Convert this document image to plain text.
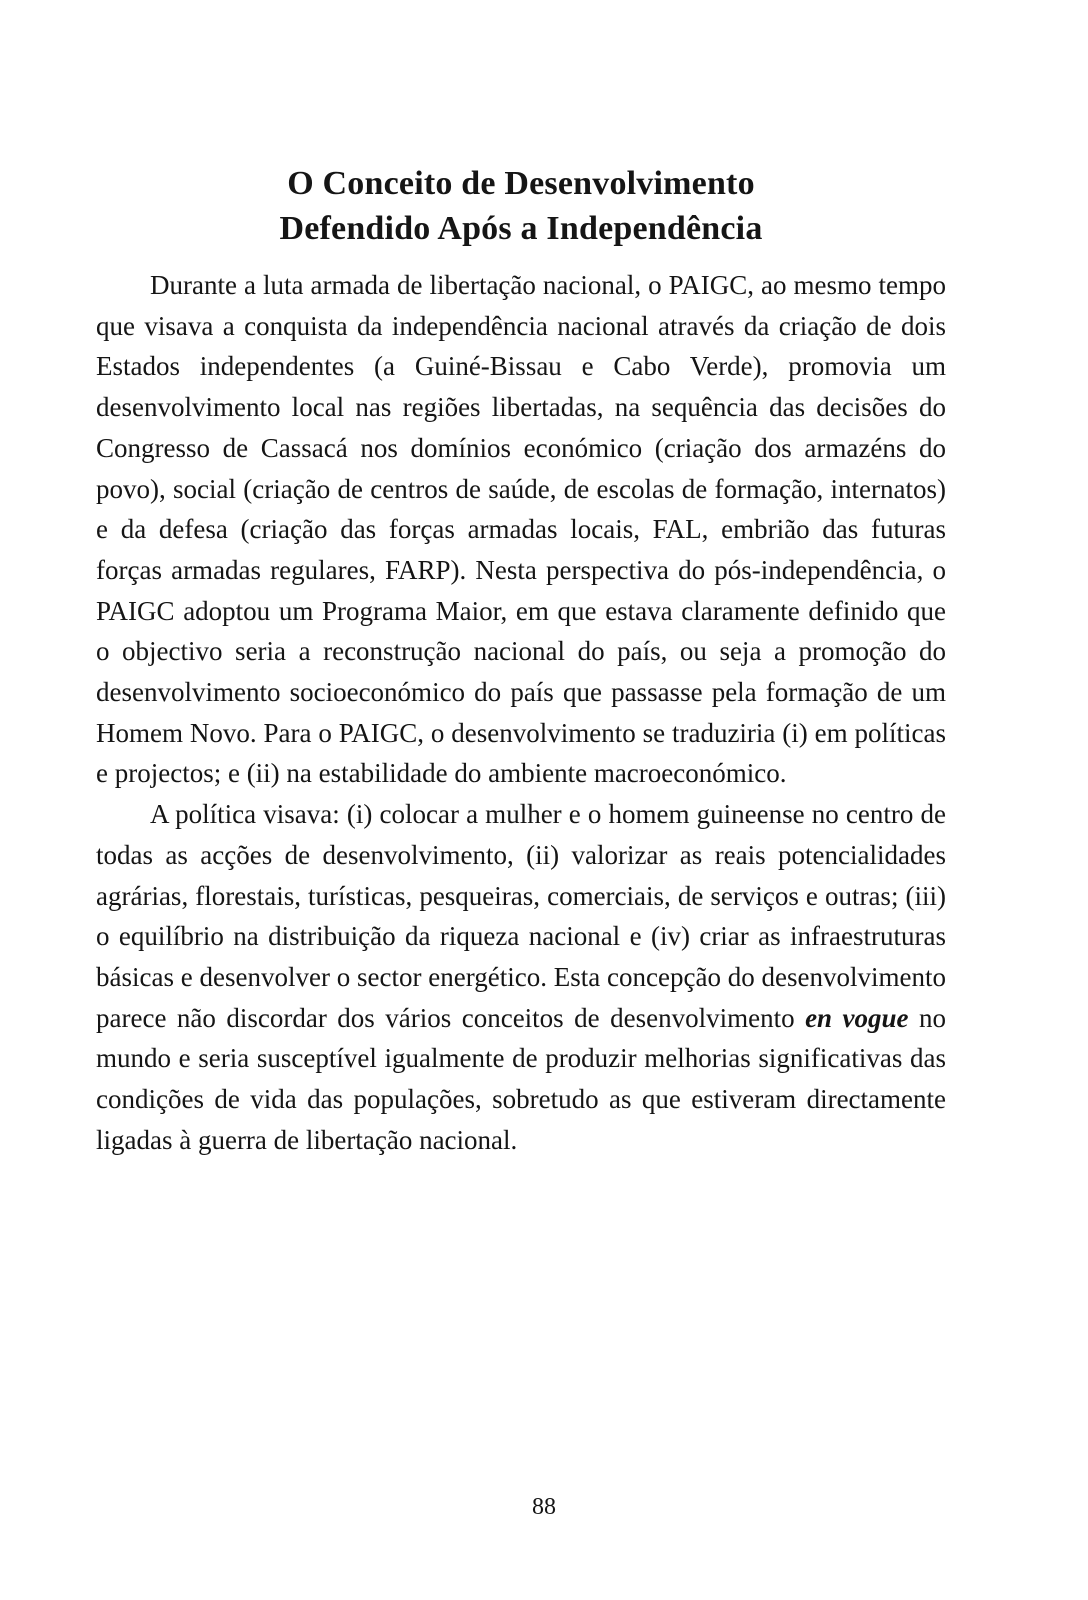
O Conceito de Desenvolvimento
Defendido Após a Independência

Durante a luta armada de libertação nacional, o PAIGC, ao mesmo tempo que visava a conquista da independência nacional através da criação de dois Estados independentes (a Guiné-Bissau e Cabo Verde), promovia um desenvolvimento local nas regiões libertadas, na sequência das decisões do Congresso de Cassacá nos domínios económico (criação dos armazéns do povo), social (criação de centros de saúde, de escolas de formação, internatos) e da defesa (criação das forças armadas locais, FAL, embrião das futuras forças armadas regulares, FARP). Nesta perspectiva do pós-independência, o PAIGC adoptou um Programa Maior, em que estava claramente definido que o objectivo seria a reconstrução nacional do país, ou seja a promoção do desenvolvimento socioeconómico do país que passasse pela formação de um Homem Novo. Para o PAIGC, o desenvolvimento se traduziria (i) em políticas e projectos; e (ii) na estabilidade do ambiente macroeconómico.

A política visava: (i) colocar a mulher e o homem guineense no centro de todas as acções de desenvolvimento, (ii) valorizar as reais potencialidades agrárias, florestais, turísticas, pesqueiras, comerciais, de serviços e outras; (iii) o equilíbrio na distribuição da riqueza nacional e (iv) criar as infraestruturas básicas e desenvolver o sector energético. Esta concepção do desenvolvimento parece não discordar dos vários conceitos de desenvolvimento en vogue no mundo e seria susceptível igualmente de produzir melhorias significativas das condições de vida das populações, sobretudo as que estiveram directamente ligadas à guerra de libertação nacional.

88
